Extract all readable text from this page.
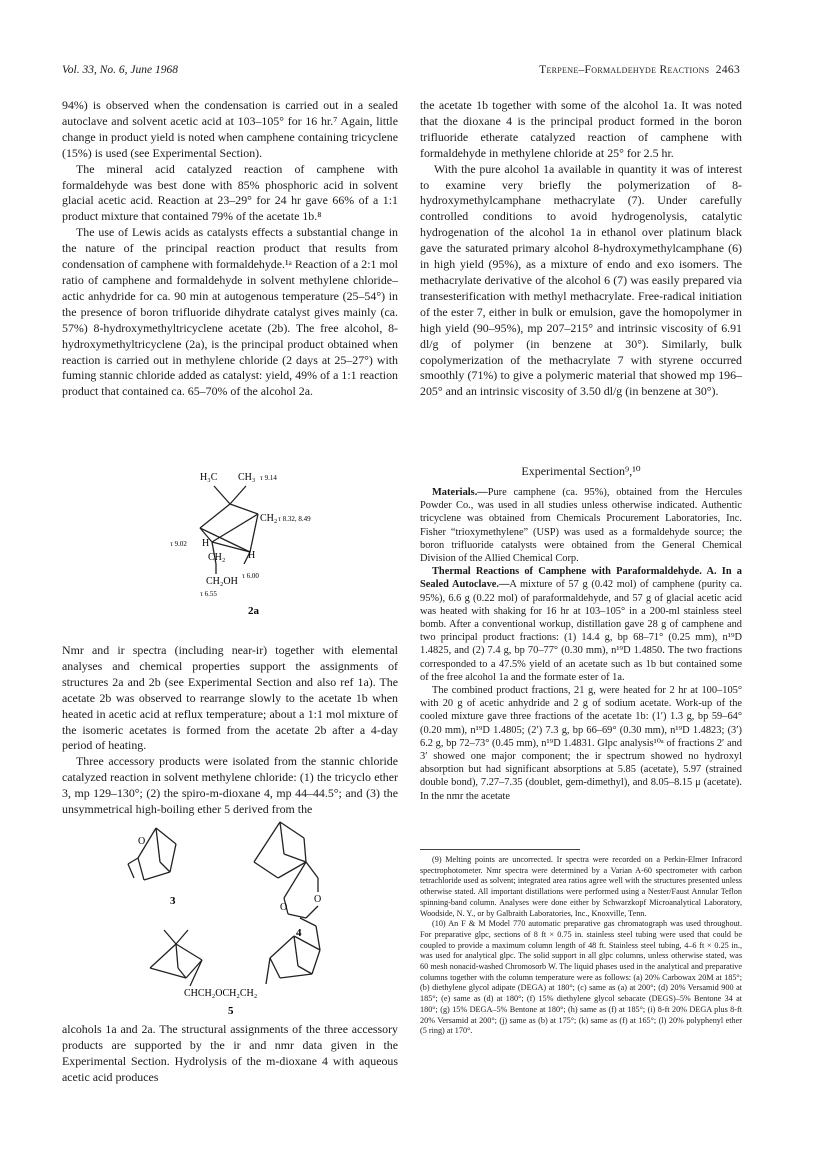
Vol. 33, No. 6, June 1968	Terpene–Formaldehyde Reactions 2463

94%) is observed when the condensation is carried out in a sealed autoclave and solvent acetic acid at 103–105° for 16 hr.⁷ Again, little change in product yield is noted when camphene containing tricyclene (15%) is used (see Experimental Section).

The mineral acid catalyzed reaction of camphene with formaldehyde was best done with 85% phosphoric acid in solvent glacial acetic acid. Reaction at 23–29° for 24 hr gave 66% of a 1:1 product mixture that contained 79% of the acetate 1b.⁸

The use of Lewis acids as catalysts effects a substantial change in the nature of the principal reaction product that results from condensation of camphene with formaldehyde.¹ᵃ Reaction of a 2:1 mol ratio of camphene and formaldehyde in solvent methylene chloride–actic anhydride for ca. 90 min at autogenous temperature (25–54°) in the presence of boron trifluoride dihydrate catalyst gives mainly (ca. 57%) 8-hydroxymethyltricyclene acetate (2b). The free alcohol, 8-hydroxymethyltricyclene (2a), is the principal product obtained when reaction is carried out in methylene chloride (2 days at 25–27°) with fuming stannic chloride added as catalyst: yield, 49% of a 1:1 reaction product that contained ca. 65–70% of the alcohol 2a.

H₃C CH₃ τ 9.14
CH₂ τ 8.32, 8.49
τ 9.02 H
CH₂ H
CH₂OH τ 6.00
τ 6.55
2a

Nmr and ir spectra (including near-ir) together with elemental analyses and chemical properties support the assignments of structures 2a and 2b (see Experimental Section and also ref 1a). The acetate 2b was observed to rearrange slowly to the acetate 1b when heated in acetic acid at reflux temperature; about a 1:1 mol mixture of the isomeric acetates is formed from the acetate 2b after a 4-day period of heating.

Three accessory products were isolated from the stannic chloride catalyzed reaction in solvent methylene chloride: (1) the tricyclo ether 3, mp 129–130°; (2) the spiro-m-dioxane 4, mp 44–44.5°; and (3) the unsymmetrical high-boiling ether 5 derived from the

O
O
O
3
4
CHCH₂OCH₂CH₂
5

alcohols 1a and 2a. The structural assignments of the three accessory products are supported by the ir and nmr data given in the Experimental Section. Hydrolysis of the m-dioxane 4 with aqueous acetic acid produces

the acetate 1b together with some of the alcohol 1a. It was noted that the dioxane 4 is the principal product formed in the boron trifluoride etherate catalyzed reaction of camphene with formaldehyde in methylene chloride at 25° for 2.5 hr.

With the pure alcohol 1a available in quantity it was of interest to examine very briefly the polymerization of 8-hydroxymethylcamphane methacrylate (7). Under carefully controlled conditions to avoid hydrogenolysis, catalytic hydrogenation of the alcohol 1a in ethanol over platinum black gave the saturated primary alcohol 8-hydroxymethylcamphane (6) in high yield (95%), as a mixture of endo and exo isomers. The methacrylate derivative of the alcohol 6 (7) was easily prepared via transesterification with methyl methacrylate. Free-radical initiation of the ester 7, either in bulk or emulsion, gave the homopolymer in high yield (90–95%), mp 207–215° and intrinsic viscosity of 6.91 dl/g of polymer (in benzene at 30°). Similarly, bulk copolymerization of the methacrylate 7 with styrene occurred smoothly (71%) to give a polymeric material that showed mp 196–205° and an intrinsic viscosity of 3.50 dl/g (in benzene at 30°).

Experimental Section⁹,¹⁰

Materials.—Pure camphene (ca. 95%), obtained from the Hercules Powder Co., was used in all studies unless otherwise indicated. Authentic tricyclene was obtained from Chemicals Procurement Laboratories, Inc. Fisher “trioxymethylene” (USP) was used as a formaldehyde source; the boron trifluoride catalysts were obtained from the General Chemical Division of the Allied Chemical Corp.

Thermal Reactions of Camphene with Paraformaldehyde. A. In a Sealed Autoclave.—A mixture of 57 g (0.42 mol) of camphene (purity ca. 95%), 6.6 g (0.22 mol) of paraformaldehyde, and 57 g of glacial acetic acid was heated with shaking for 16 hr at 103–105° in a 200-ml stainless steel bomb. After a conventional workup, distillation gave 28 g of camphene and two principal product fractions: (1) 14.4 g, bp 68–71° (0.25 mm), n¹⁹D 1.4825, and (2) 7.4 g, bp 70–77° (0.30 mm), n¹⁹D 1.4850. The two fractions corresponded to a 47.5% yield of an acetate such as 1b but contained some of the free alcohol 1a and the formate ester of 1a.

The combined product fractions, 21 g, were heated for 2 hr at 100–105° with 20 g of acetic anhydride and 2 g of sodium acetate. Work-up of the cooled mixture gave three fractions of the acetate 1b: (1′) 1.3 g, bp 59–64° (0.20 mm), n¹⁹D 1.4805; (2′) 7.3 g, bp 66–69° (0.30 mm), n¹⁹D 1.4823; (3′) 6.2 g, bp 72–73° (0.45 mm), n¹⁹D 1.4831. Glpc analysis¹⁰ᵃ of fractions 2′ and 3′ showed one major component; the ir spectrum showed no hydroxyl absorption but had significant absorptions at 5.85 (acetate), 5.97 (strained double bond), 7.27–7.35 (doublet, gem-dimethyl), and 8.05–8.15 μ (acetate). In the nmr the acetate

(9) Melting points are uncorrected. Ir spectra were recorded on a Perkin-Elmer Infracord spectrophotometer. Nmr spectra were determined by a Varian A-60 spectrometer with carbon tetrachloride used as solvent; integrated area ratios agree well with the structures presented unless otherwise stated. All important distillations were performed using a Nester/Faust Annular Teflon spinning-band column. Analyses were done either by Schwarzkopf Microanalytical Laboratory, Woodside, N. Y., or by Galbraith Laboratories, Inc., Knoxville, Tenn.

(10) An F & M Model 770 automatic preparative gas chromatograph was used throughout. For preparative glpc, sections of 8 ft × 0.75 in. stainless steel tubing were used that could be coupled to provide a maximum column length of 48 ft. Stainless steel tubing, 4–6 ft × 0.25 in., was used for analytical glpc. The solid support in all glpc columns, unless otherwise stated, was 60 mesh nonacid-washed Chromosorb W. The liquid phases used in the analytical and preparative columns together with the column temperature were as follows: (a) 20% Carbowax 20M at 185°; (b) diethylene glycol adipate (DEGA) at 180°; (c) same as (a) at 200°; (d) 20% Versamid 900 at 185°; (e) same as (d) at 180°; (f) 15% diethylene glycol sebacate (DEGS)–5% Bentone 34 at 180°; (g) 15% DEGA–5% Bentone at 180°; (h) same as (f) at 185°; (i) 8-ft 20% DEGA plus 8-ft 20% Versamid at 200°; (j) same as (b) at 175°; (k) same as (f) at 165°; (l) 20% polyphenyl ether (5 ring) at 170°.
